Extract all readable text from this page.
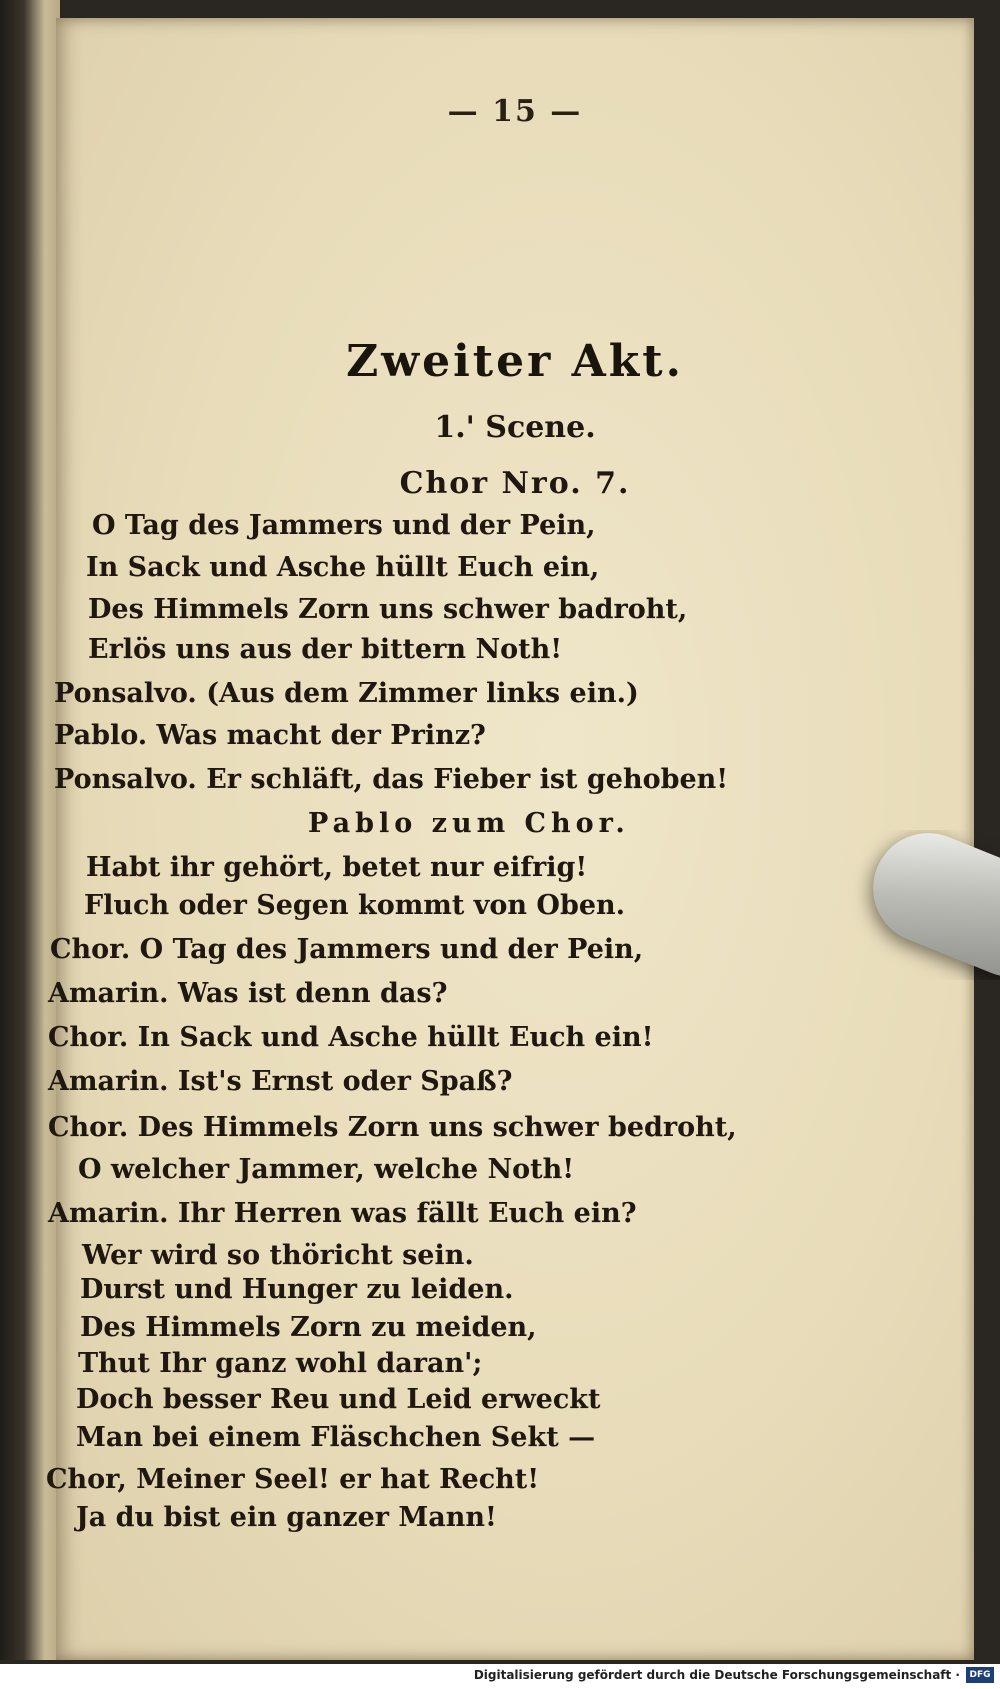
— 15 —
Zweiter Akt.
1.' Scene.
Chor Nro. 7.
O Tag des Jammers und der Pein,
In Sack und Asche hüllt Euch ein,
Des Himmels Zorn uns schwer badroht,
Erlös uns aus der bittern Noth!
Ponsalvo. (Aus dem Zimmer links ein.)
Pablo. Was macht der Prinz?
Ponsalvo. Er schläft, das Fieber ist gehoben!
Pablo zum Chor.
Habt ihr gehört, betet nur eifrig!
Fluch oder Segen kommt von Oben.
Chor. O Tag des Jammers und der Pein,
Amarin. Was ist denn das?
Chor. In Sack und Asche hüllt Euch ein!
Amarin. Ist's Ernst oder Spaß?
Chor. Des Himmels Zorn uns schwer bedroht,
O welcher Jammer, welche Noth!
Amarin. Ihr Herren was fällt Euch ein?
Wer wird so thöricht sein.
Durst und Hunger zu leiden.
Des Himmels Zorn zu meiden,
Thut Ihr ganz wohl daran';
Doch besser Reu und Leid erweckt
Man bei einem Fläschchen Sekt —
Chor, Meiner Seel! er hat Recht!
Ja du bist ein ganzer Mann!
Digitalisierung gefördert durch die Deutsche Forschungsgemeinschaft ·	DFG
